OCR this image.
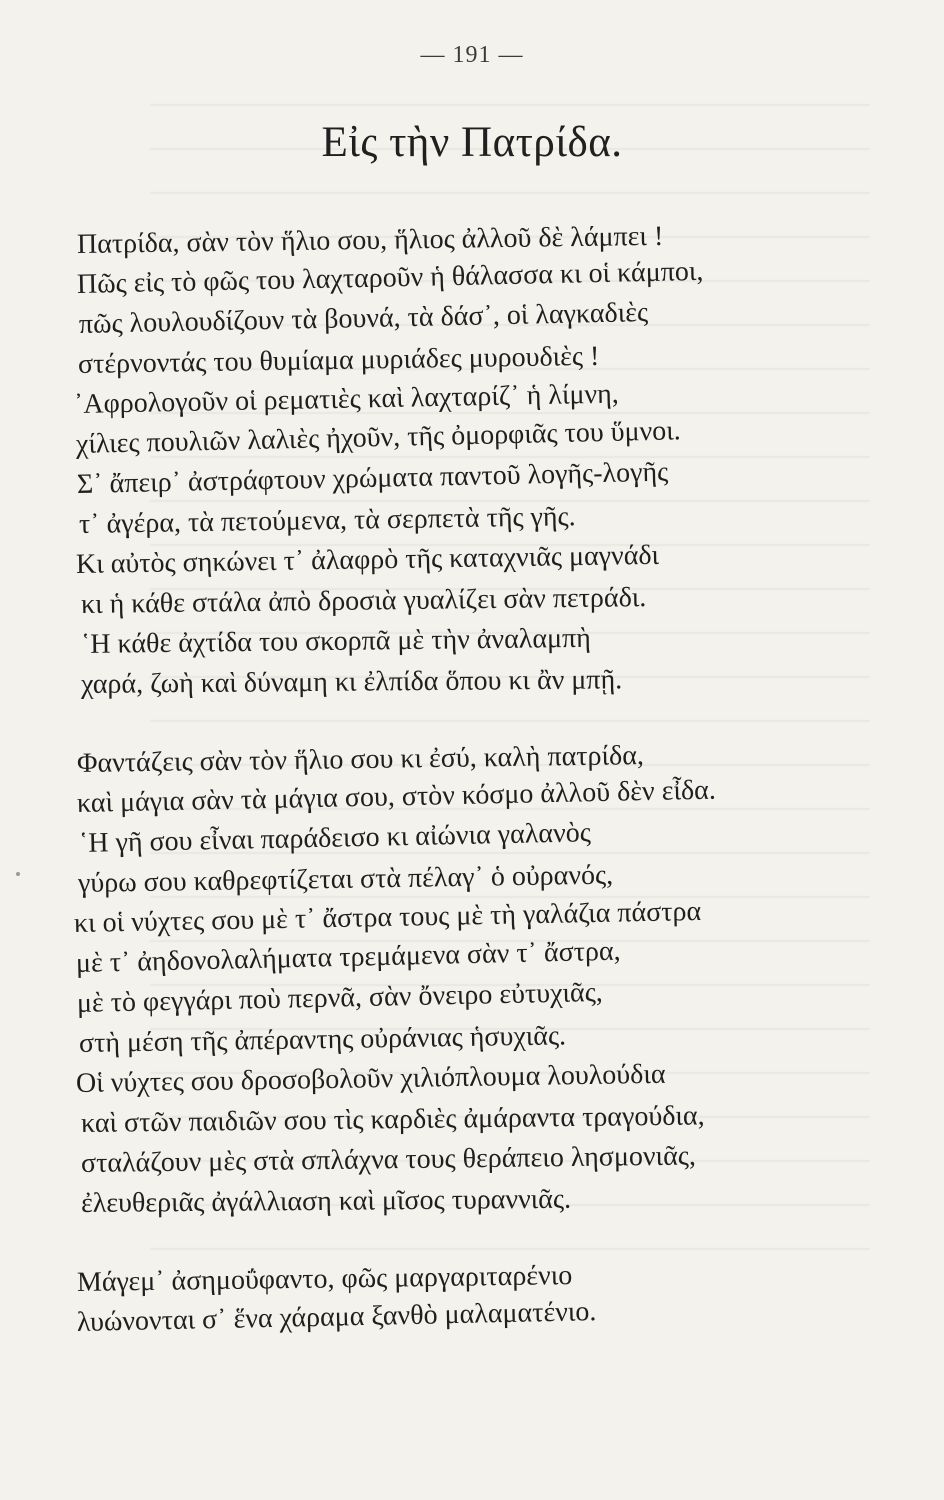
— 191 —
Εἰς τὴν Πατρίδα.
Πατρίδα, σὰν τὸν ἥλιο σου, ἥλιος ἀλλοῦ δὲ λάμπει !
Πῶς εἰς τὸ φῶς του λαχταροῦν ἡ θάλασσα κι οἱ κάμποι,
πῶς λουλουδίζουν τὰ βουνά, τὰ δάσ᾽, οἱ λαγκαδιὲς
στέρνοντάς του θυμίαμα μυριάδες μυρουδιὲς !
᾽Αφρολογοῦν οἱ ρεματιὲς καὶ λαχταρίζ᾽ ἡ λίμνη,
χίλιες πουλιῶν λαλιὲς ἠχοῦν, τῆς ὀμορφιᾶς του ὕμνοι.
Σ᾽ ἄπειρ᾽ ἀστράφτουν χρώματα παντοῦ λογῆς-λογῆς
τ᾽ ἀγέρα, τὰ πετούμενα, τὰ σερπετὰ τῆς γῆς.
Κι αὐτὸς σηκώνει τ᾽ ἀλαφρὸ τῆς καταχνιᾶς μαγνάδι
κι ἡ κάθε στάλα ἀπὸ δροσιὰ γυαλίζει σὰν πετράδι.
῾Η κάθε ἀχτίδα του σκορπᾶ μὲ τὴν ἀναλαμπὴ
χαρά, ζωὴ καὶ δύναμη κι ἐλπίδα ὅπου κι ἂν μπῇ.
Φαντάζεις σὰν τὸν ἥλιο σου κι ἐσύ, καλὴ πατρίδα,
καὶ μάγια σὰν τὰ μάγια σου, στὸν κόσμο ἀλλοῦ δὲν εἶδα.
῾Η γῆ σου εἶναι παράδεισο κι αἰώνια γαλανὸς
γύρω σου καθρεφτίζεται στὰ πέλαγ᾽ ὁ οὐρανός,
κι οἱ νύχτες σου μὲ τ᾽ ἄστρα τους μὲ τὴ γαλάζια πάστρα
μὲ τ᾽ ἀηδονολαλήματα τρεμάμενα σὰν τ᾽ ἄστρα,
μὲ τὸ φεγγάρι ποὺ περνᾶ, σὰν ὄνειρο εὐτυχιᾶς,
στὴ μέση τῆς ἀπέραντης οὐράνιας ἡσυχιᾶς.
Οἱ νύχτες σου δροσοβολοῦν χιλιόπλουμα λουλούδια
καὶ στῶν παιδιῶν σου τὶς καρδιὲς ἀμάραντα τραγούδια,
σταλάζουν μὲς στὰ σπλάχνα τους θεράπειο λησμονιᾶς,
ἐλευθεριᾶς ἀγάλλιαση καὶ μῖσος τυραννιᾶς.
Μάγεμ᾽ ἀσημοΰφαντο, φῶς μαργαριταρένιο
λυώνονται σ᾽ ἕνα χάραμα ξανθὸ μαλαματένιο.
